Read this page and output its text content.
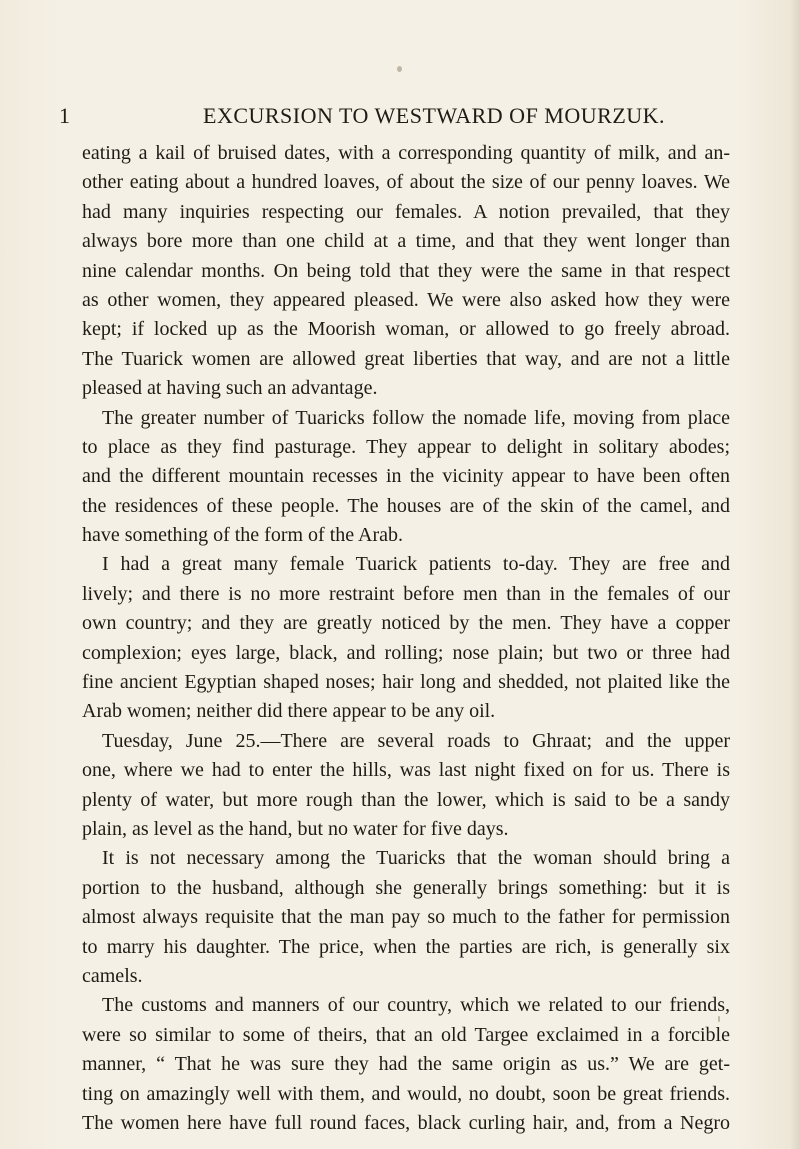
1	EXCURSION TO WESTWARD OF MOURZUK.
eating a kail of bruised dates, with a corresponding quantity of milk, and an-
other eating about a hundred loaves, of about the size of our penny loaves. We
had many inquiries respecting our females. A notion prevailed, that they
always bore more than one child at a time, and that they went longer than
nine calendar months. On being told that they were the same in that respect
as other women, they appeared pleased. We were also asked how they were
kept; if locked up as the Moorish woman, or allowed to go freely abroad.
The Tuarick women are allowed great liberties that way, and are not a little
pleased at having such an advantage.
The greater number of Tuaricks follow the nomade life, moving from place
to place as they find pasturage. They appear to delight in solitary abodes;
and the different mountain recesses in the vicinity appear to have been often
the residences of these people. The houses are of the skin of the camel, and
have something of the form of the Arab.
I had a great many female Tuarick patients to-day. They are free and
lively; and there is no more restraint before men than in the females of our
own country; and they are greatly noticed by the men. They have a copper
complexion; eyes large, black, and rolling; nose plain; but two or three had
fine ancient Egyptian shaped noses; hair long and shedded, not plaited like the
Arab women; neither did there appear to be any oil.
Tuesday, June 25.—There are several roads to Ghraat; and the upper
one, where we had to enter the hills, was last night fixed on for us. There is
plenty of water, but more rough than the lower, which is said to be a sandy
plain, as level as the hand, but no water for five days.
It is not necessary among the Tuaricks that the woman should bring a
portion to the husband, although she generally brings something: but it is
almost always requisite that the man pay so much to the father for permission
to marry his daughter. The price, when the parties are rich, is generally six
camels.
The customs and manners of our country, which we related to our friends,
were so similar to some of theirs, that an old Targee exclaimed in a forcible
manner, “ That he was sure they had the same origin as us.” We are get-
ting on amazingly well with them, and would, no doubt, soon be great friends.
The women here have full round faces, black curling hair, and, from a Negro
